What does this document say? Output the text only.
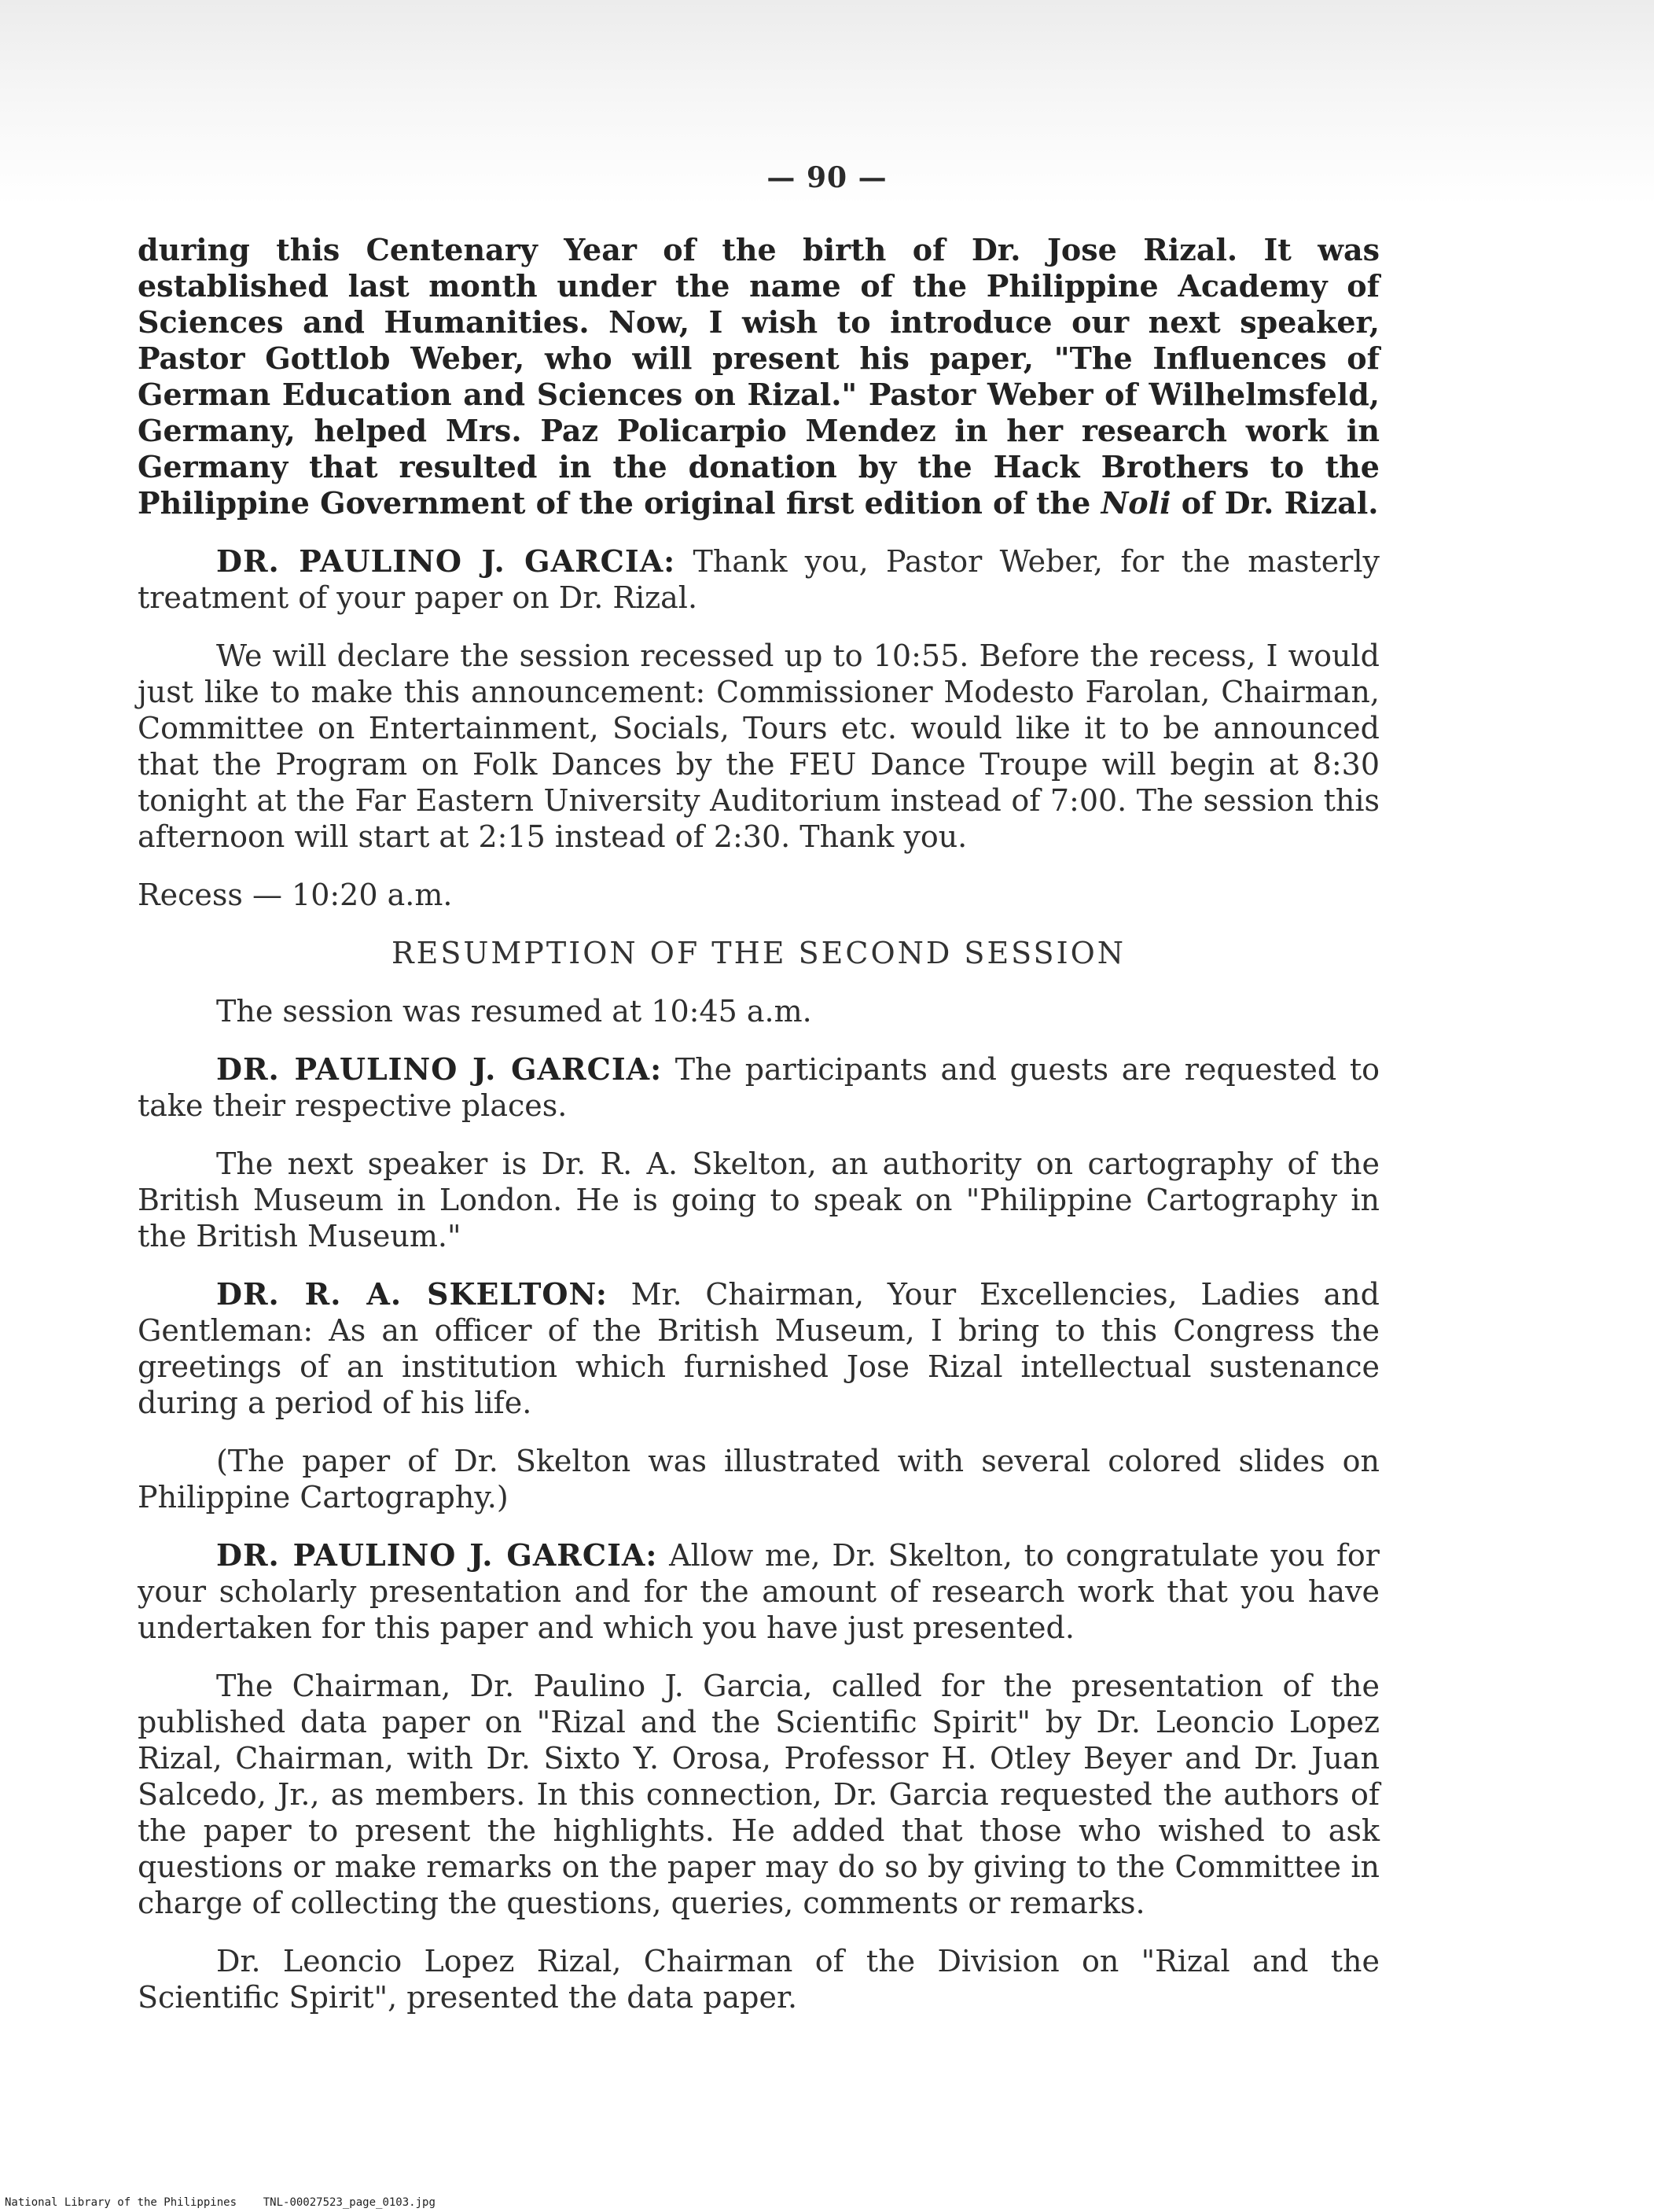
— 90 —

during this Centenary Year of the birth of Dr. Jose Rizal. It was established last month under the name of the Philippine Academy of Sciences and Humanities. Now, I wish to introduce our next speaker, Pastor Gottlob Weber, who will present his paper, "The Influences of German Education and Sciences on Rizal." Pastor Weber of Wilhelmsfeld, Germany, helped Mrs. Paz Policarpio Mendez in her research work in Germany that resulted in the donation by the Hack Brothers to the Philippine Government of the original first edition of the Noli of Dr. Rizal.

DR. PAULINO J. GARCIA: Thank you, Pastor Weber, for the masterly treatment of your paper on Dr. Rizal.

We will declare the session recessed up to 10:55. Before the recess, I would just like to make this announcement: Commissioner Modesto Farolan, Chairman, Committee on Entertainment, Socials, Tours etc. would like it to be announced that the Program on Folk Dances by the FEU Dance Troupe will begin at 8:30 tonight at the Far Eastern University Auditorium instead of 7:00. The session this afternoon will start at 2:15 instead of 2:30. Thank you.

Recess — 10:20 a.m.

RESUMPTION OF THE SECOND SESSION

The session was resumed at 10:45 a.m.

DR. PAULINO J. GARCIA: The participants and guests are requested to take their respective places.

The next speaker is Dr. R. A. Skelton, an authority on cartography of the British Museum in London. He is going to speak on "Philippine Cartography in the British Museum."

DR. R. A. SKELTON: Mr. Chairman, Your Excellencies, Ladies and Gentleman: As an officer of the British Museum, I bring to this Congress the greetings of an institution which furnished Jose Rizal intellectual sustenance during a period of his life.

(The paper of Dr. Skelton was illustrated with several colored slides on Philippine Cartography.)

DR. PAULINO J. GARCIA: Allow me, Dr. Skelton, to congratulate you for your scholarly presentation and for the amount of research work that you have undertaken for this paper and which you have just presented.

The Chairman, Dr. Paulino J. Garcia, called for the presentation of the published data paper on "Rizal and the Scientific Spirit" by Dr. Leoncio Lopez Rizal, Chairman, with Dr. Sixto Y. Orosa, Professor H. Otley Beyer and Dr. Juan Salcedo, Jr., as members. In this connection, Dr. Garcia requested the authors of the paper to present the highlights. He added that those who wished to ask questions or make remarks on the paper may do so by giving to the Committee in charge of collecting the questions, queries, comments or remarks.

Dr. Leoncio Lopez Rizal, Chairman of the Division on "Rizal and the Scientific Spirit", presented the data paper.

National Library of the Philippines TNL-00027523_page_0103.jpg
